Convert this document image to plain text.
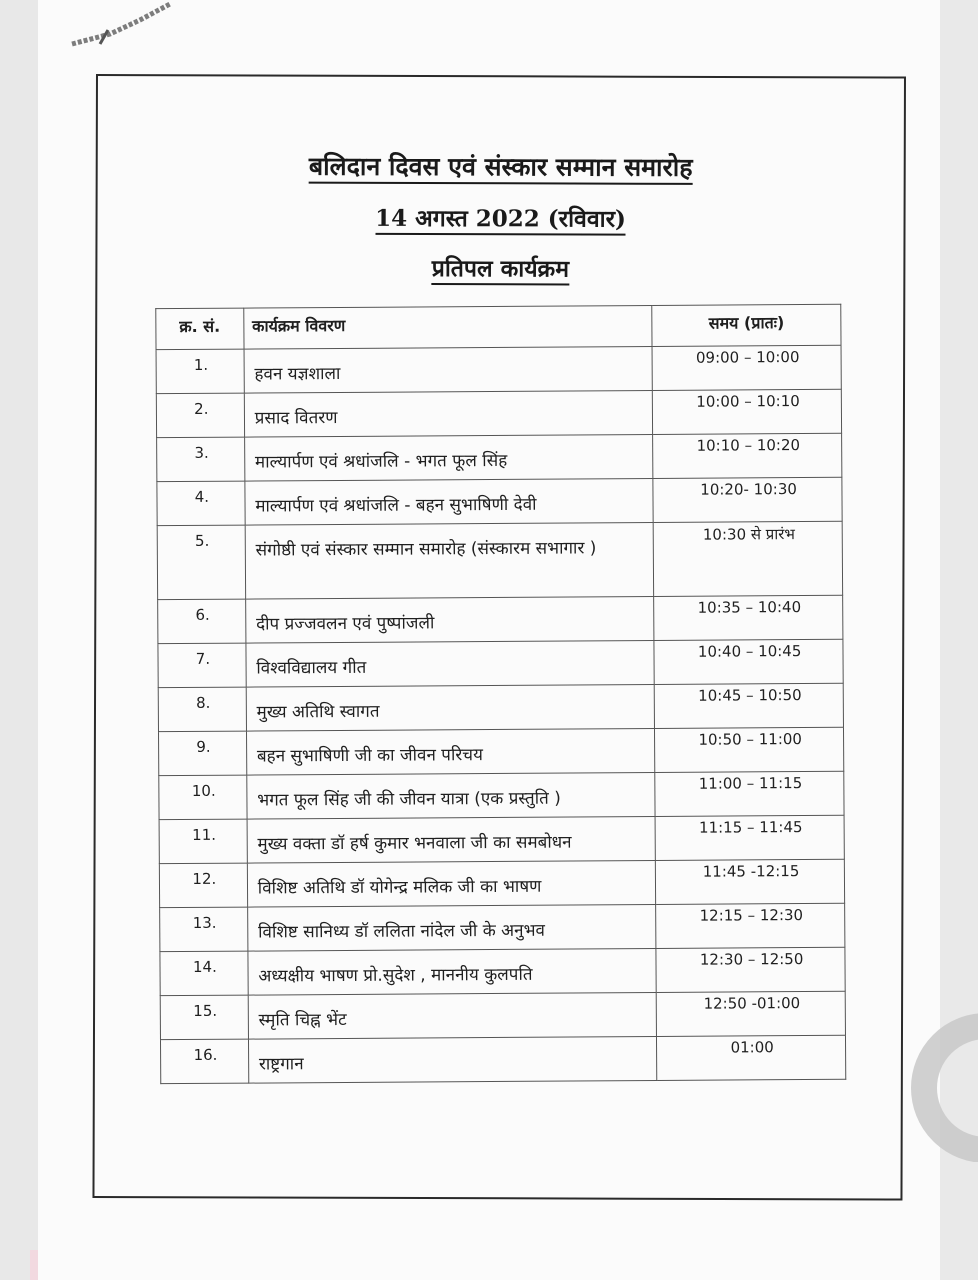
बलिदान दिवस एवं संस्कार सम्मान समारोह
14 अगस्त 2022 (रविवार)
प्रतिपल कार्यक्रम
क्र. सं.	कार्यक्रम विवरण	समय (प्रातः)
1.	हवन यज्ञशाला	09:00 – 10:00
2.	प्रसाद वितरण	10:00 – 10:10
3.	माल्यार्पण एवं श्रधांजलि - भगत फूल सिंह	10:10 – 10:20
4.	माल्यार्पण एवं श्रधांजलि - बहन सुभाषिणी देवी	10:20- 10:30
5.	संगोष्ठी एवं संस्कार सम्मान समारोह (संस्कारम सभागार )	10:30 से प्रारंभ
6.	दीप प्रज्जवलन एवं पुष्पांजली	10:35 – 10:40
7.	विश्वविद्यालय गीत	10:40 – 10:45
8.	मुख्य अतिथि स्वागत	10:45 – 10:50
9.	बहन सुभाषिणी जी का जीवन परिचय	10:50 – 11:00
10.	भगत फूल सिंह जी की जीवन यात्रा (एक प्रस्तुति )	11:00 – 11:15
11.	मुख्य वक्ता डॉ हर्ष कुमार भनवाला जी का समबोधन	11:15 – 11:45
12.	विशिष्ट अतिथि डॉ योगेन्द्र मलिक जी का भाषण	11:45 -12:15
13.	विशिष्ट सानिध्य डॉ ललिता नांदेल जी के अनुभव	12:15 – 12:30
14.	अध्यक्षीय भाषण प्रो.सुदेश , माननीय कुलपति	12:30 – 12:50
15.	स्मृति चिह्न भेंट	12:50 -01:00
16.	राष्ट्रगान	01:00
